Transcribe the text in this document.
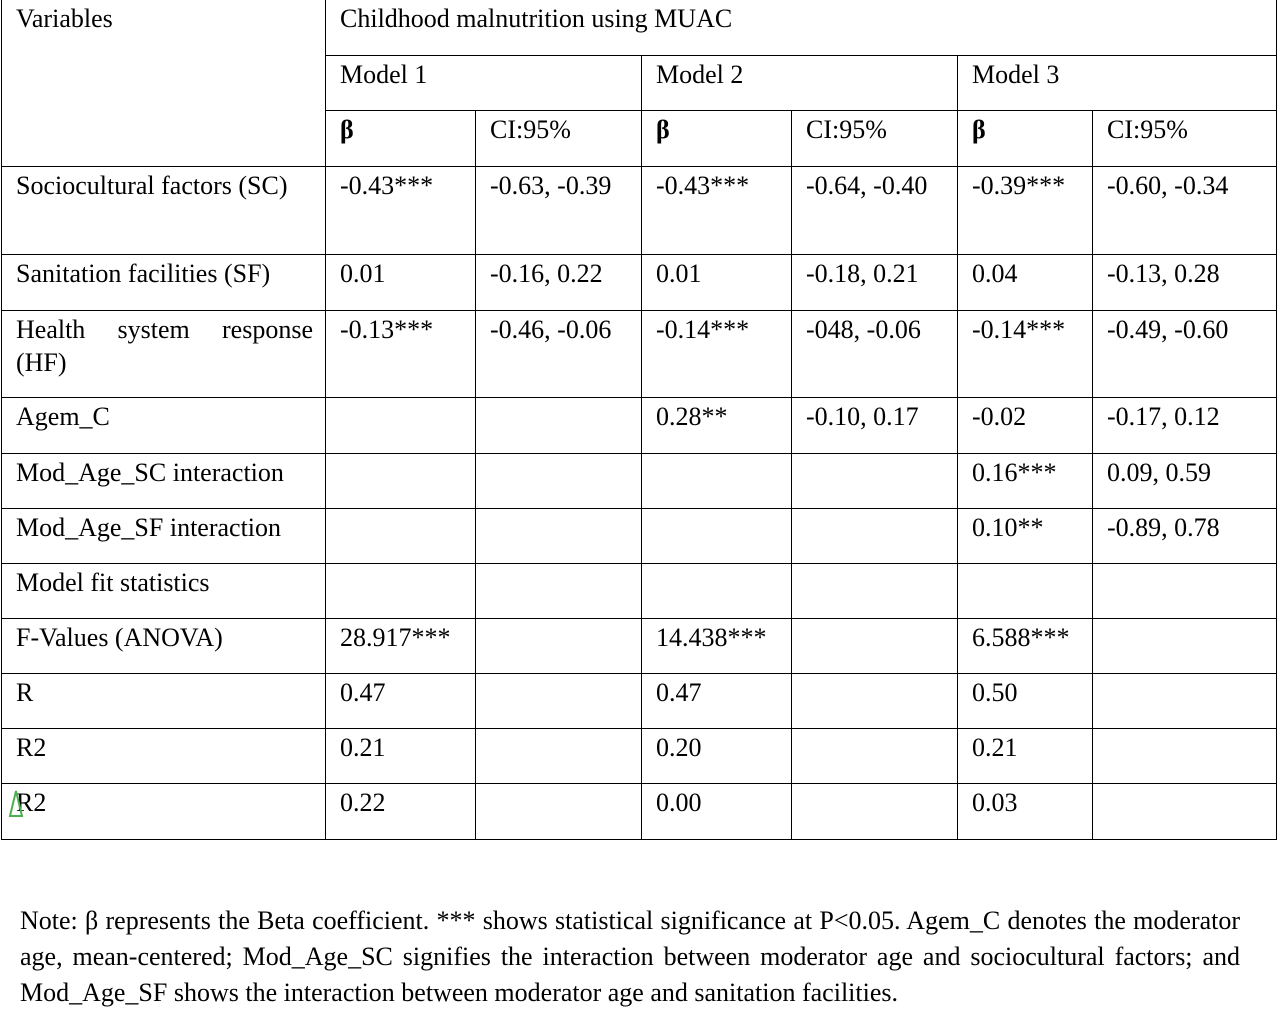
Variables	Childhood malnutrition using MUAC					
	Model 1		Model 2		Model 3	
	β	CI:95%	β	CI:95%	β	CI:95%
Sociocultural factors (SC)	-0.43***	-0.63, -0.39	-0.43***	-0.64, -0.40	-0.39***	-0.60, -0.34
Sanitation facilities (SF)	0.01	-0.16, 0.22	0.01	-0.18, 0.21	0.04	-0.13, 0.28
Health system response (HF)	-0.13***	-0.46, -0.06	-0.14***	-048, -0.06	-0.14***	-0.49, -0.60
Agem_C			0.28**	-0.10, 0.17	-0.02	-0.17, 0.12
Mod_Age_SC interaction					0.16***	0.09, 0.59
Mod_Age_SF interaction					0.10**	-0.89, 0.78
Model fit statistics						
F-Values (ANOVA)	28.917***		14.438***		6.588***	
R	0.47		0.47		0.50	
R2	0.21		0.20		0.21	

R2	0.22		0.00		0.03	

Note: β represents the Beta coefficient. *** shows statistical significance at P<0.05. Agem_C denotes the moderator age, mean-centered; Mod_Age_SC signifies the interaction between moderator age and sociocultural factors; and Mod_Age_SF shows the interaction between moderator age and sanitation facilities.
